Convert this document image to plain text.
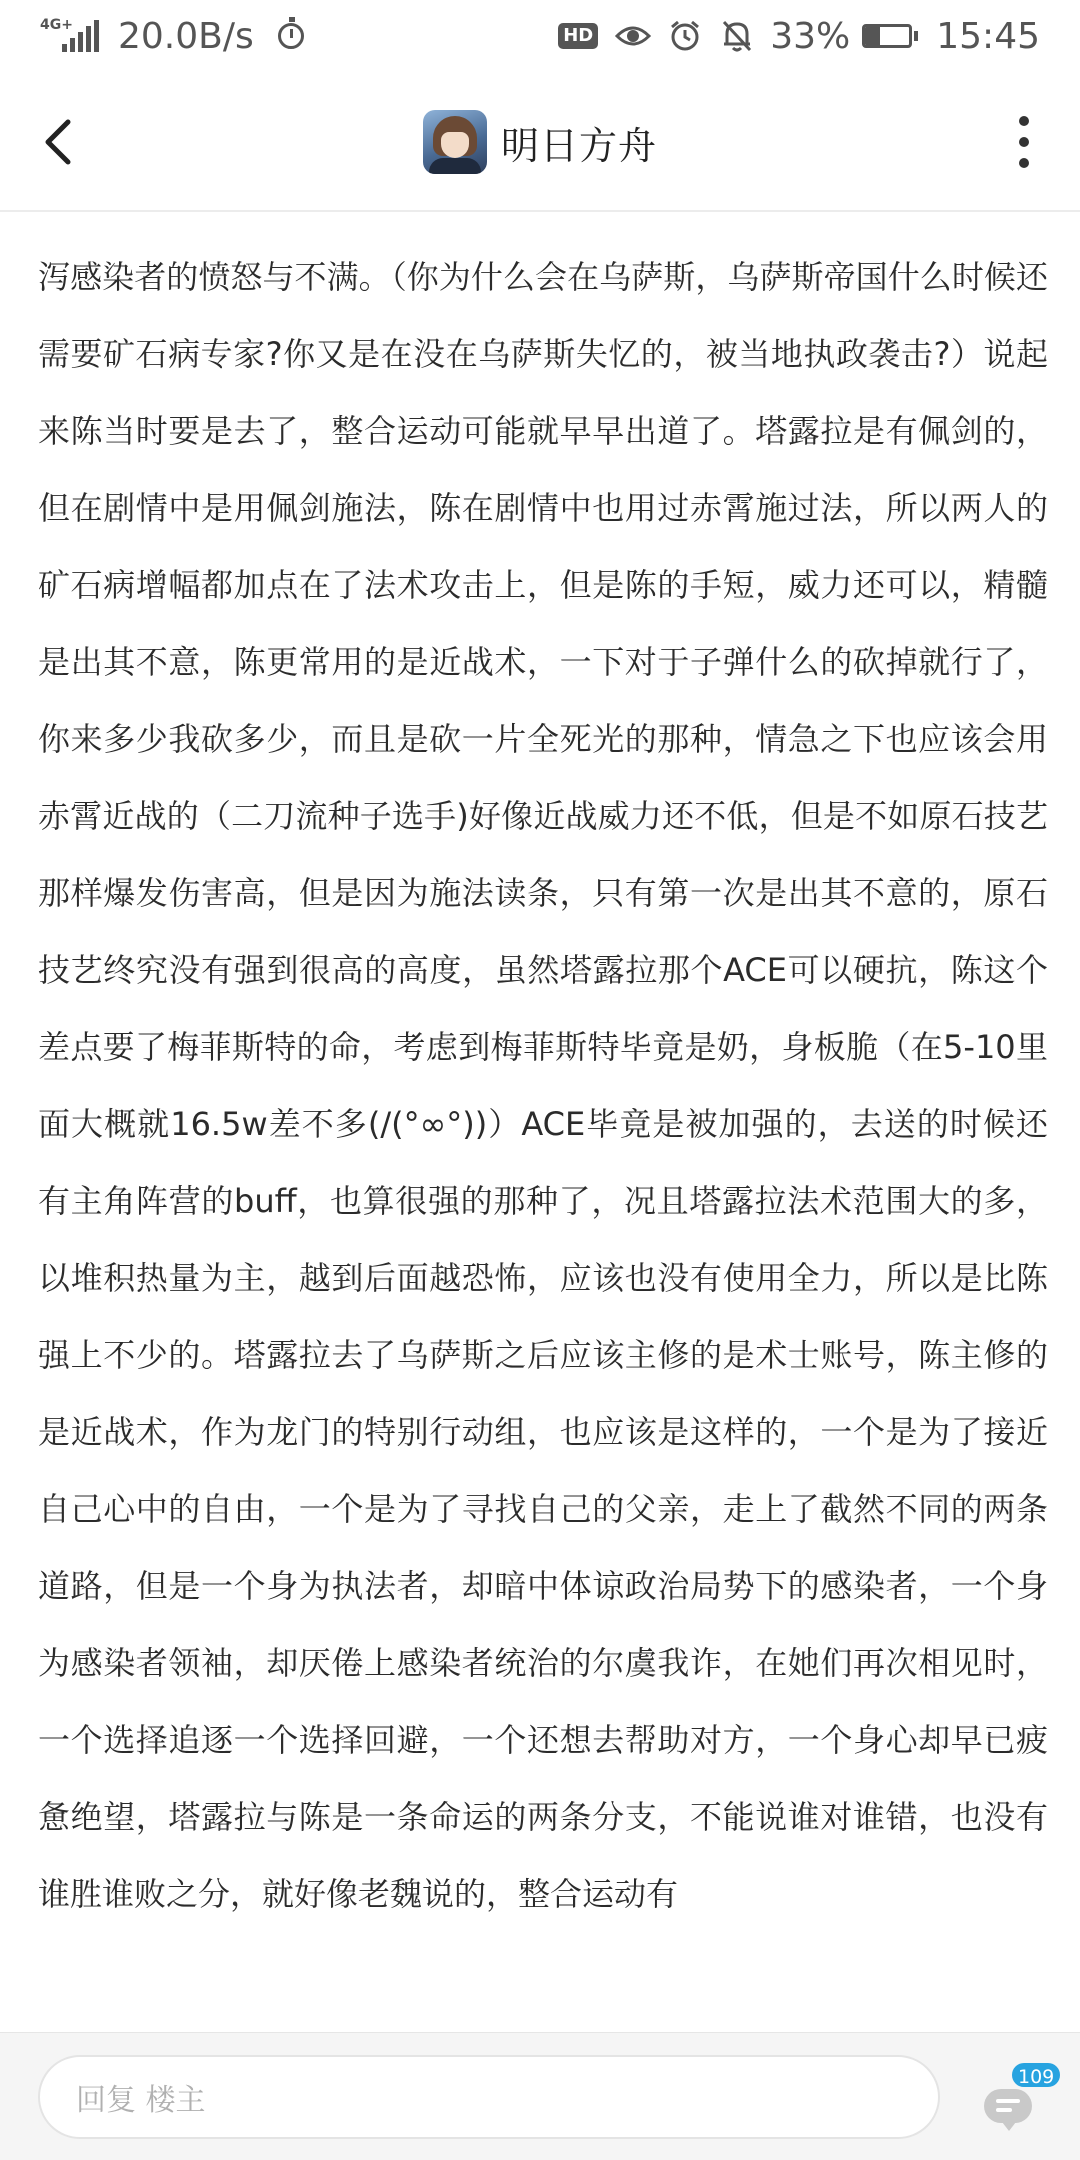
4G+ 20.0B/s	HD	33% ⚡ 15:45
明日方舟

泻感染者的愤怒与不满。（你为什么会在乌萨斯，乌萨斯帝国什么时候还需要矿石病专家?你又是在没在乌萨斯失忆的，被当地执政袭击?）说起来陈当时要是去了，整合运动可能就早早出道了。塔露拉是有佩剑的，但在剧情中是用佩剑施法，陈在剧情中也用过赤霄施过法，所以两人的矿石病增幅都加点在了法术攻击上，但是陈的手短，威力还可以，精髓是出其不意，陈更常用的是近战术，一下对于子弹什么的砍掉就行了，你来多少我砍多少，而且是砍一片全死光的那种，情急之下也应该会用赤霄近战的（二刀流种子选手)好像近战威力还不低，但是不如原石技艺那样爆发伤害高，但是因为施法读条，只有第一次是出其不意的，原石技艺终究没有强到很高的高度，虽然塔露拉那个ACE可以硬抗，陈这个差点要了梅菲斯特的命，考虑到梅菲斯特毕竟是奶，身板脆（在5-10里面大概就16.5w差不多(/(°∞°))）ACE毕竟是被加强的，去送的时候还有主角阵营的buff，也算很强的那种了，况且塔露拉法术范围大的多，以堆积热量为主，越到后面越恐怖，应该也没有使用全力，所以是比陈强上不少的。塔露拉去了乌萨斯之后应该主修的是术士账号，陈主修的是近战术，作为龙门的特别行动组，也应该是这样的，一个是为了接近自己心中的自由，一个是为了寻找自己的父亲，走上了截然不同的两条道路，但是一个身为执法者，却暗中体谅政治局势下的感染者，一个身为感染者领袖，却厌倦上感染者统治的尔虞我诈，在她们再次相见时，一个选择追逐一个选择回避，一个还想去帮助对方，一个身心却早已疲惫绝望，塔露拉与陈是一条命运的两条分支，不能说谁对谁错，也没有谁胜谁败之分，就好像老魏说的，整合运动有

回复 楼主
109
